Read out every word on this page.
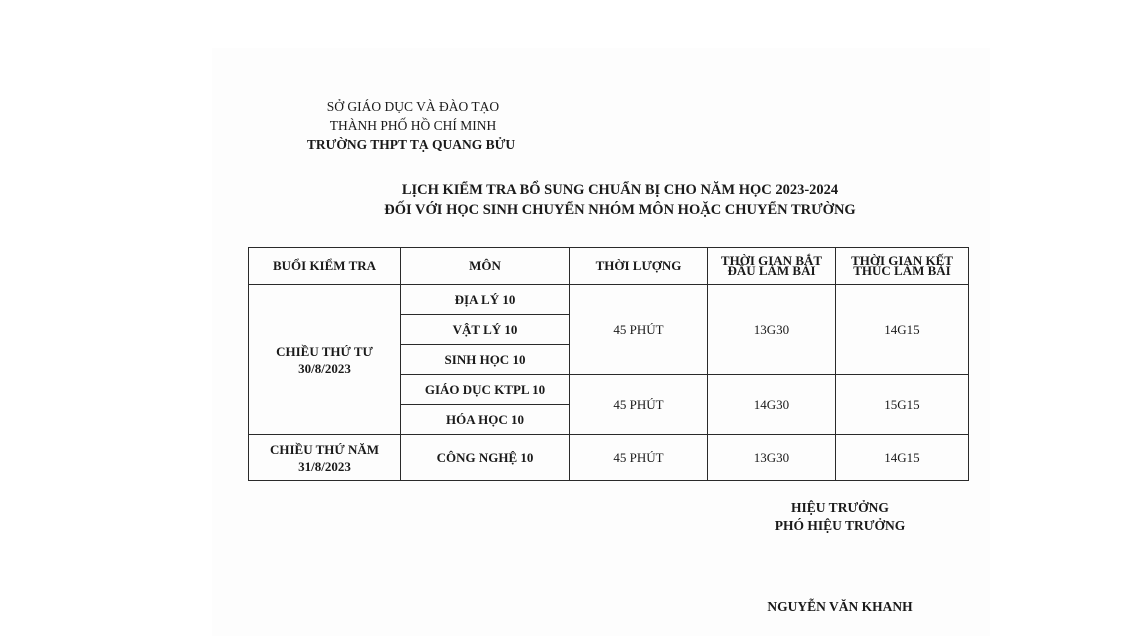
SỞ GIÁO DỤC VÀ ĐÀO TẠO
THÀNH PHỐ HỒ CHÍ MINH
TRƯỜNG THPT TẠ QUANG BỬU
LỊCH KIỂM TRA BỔ SUNG CHUẨN BỊ CHO NĂM HỌC 2023-2024
ĐỐI VỚI HỌC SINH CHUYỂN NHÓM MÔN HOẶC CHUYỂN TRƯỜNG
BUỔI KIỂM TRA	MÔN	THỜI LƯỢNG	THỜI GIAN BẮT ĐẦU LÀM BÀI	THỜI GIAN KẾT THÚC LÀM BÀI
CHIỀU THỨ TƯ 30/8/2023	ĐỊA LÝ 10	45 PHÚT	13G30	14G15
	VẬT LÝ 10			
	SINH HỌC 10			
	GIÁO DỤC KTPL 10	45 PHÚT	14G30	15G15
	HÓA HỌC 10			
CHIỀU THỨ NĂM 31/8/2023	CÔNG NGHỆ 10	45 PHÚT	13G30	14G15
HIỆU TRƯỞNG
PHÓ HIỆU TRƯỞNG
NGUYỄN VĂN KHANH
